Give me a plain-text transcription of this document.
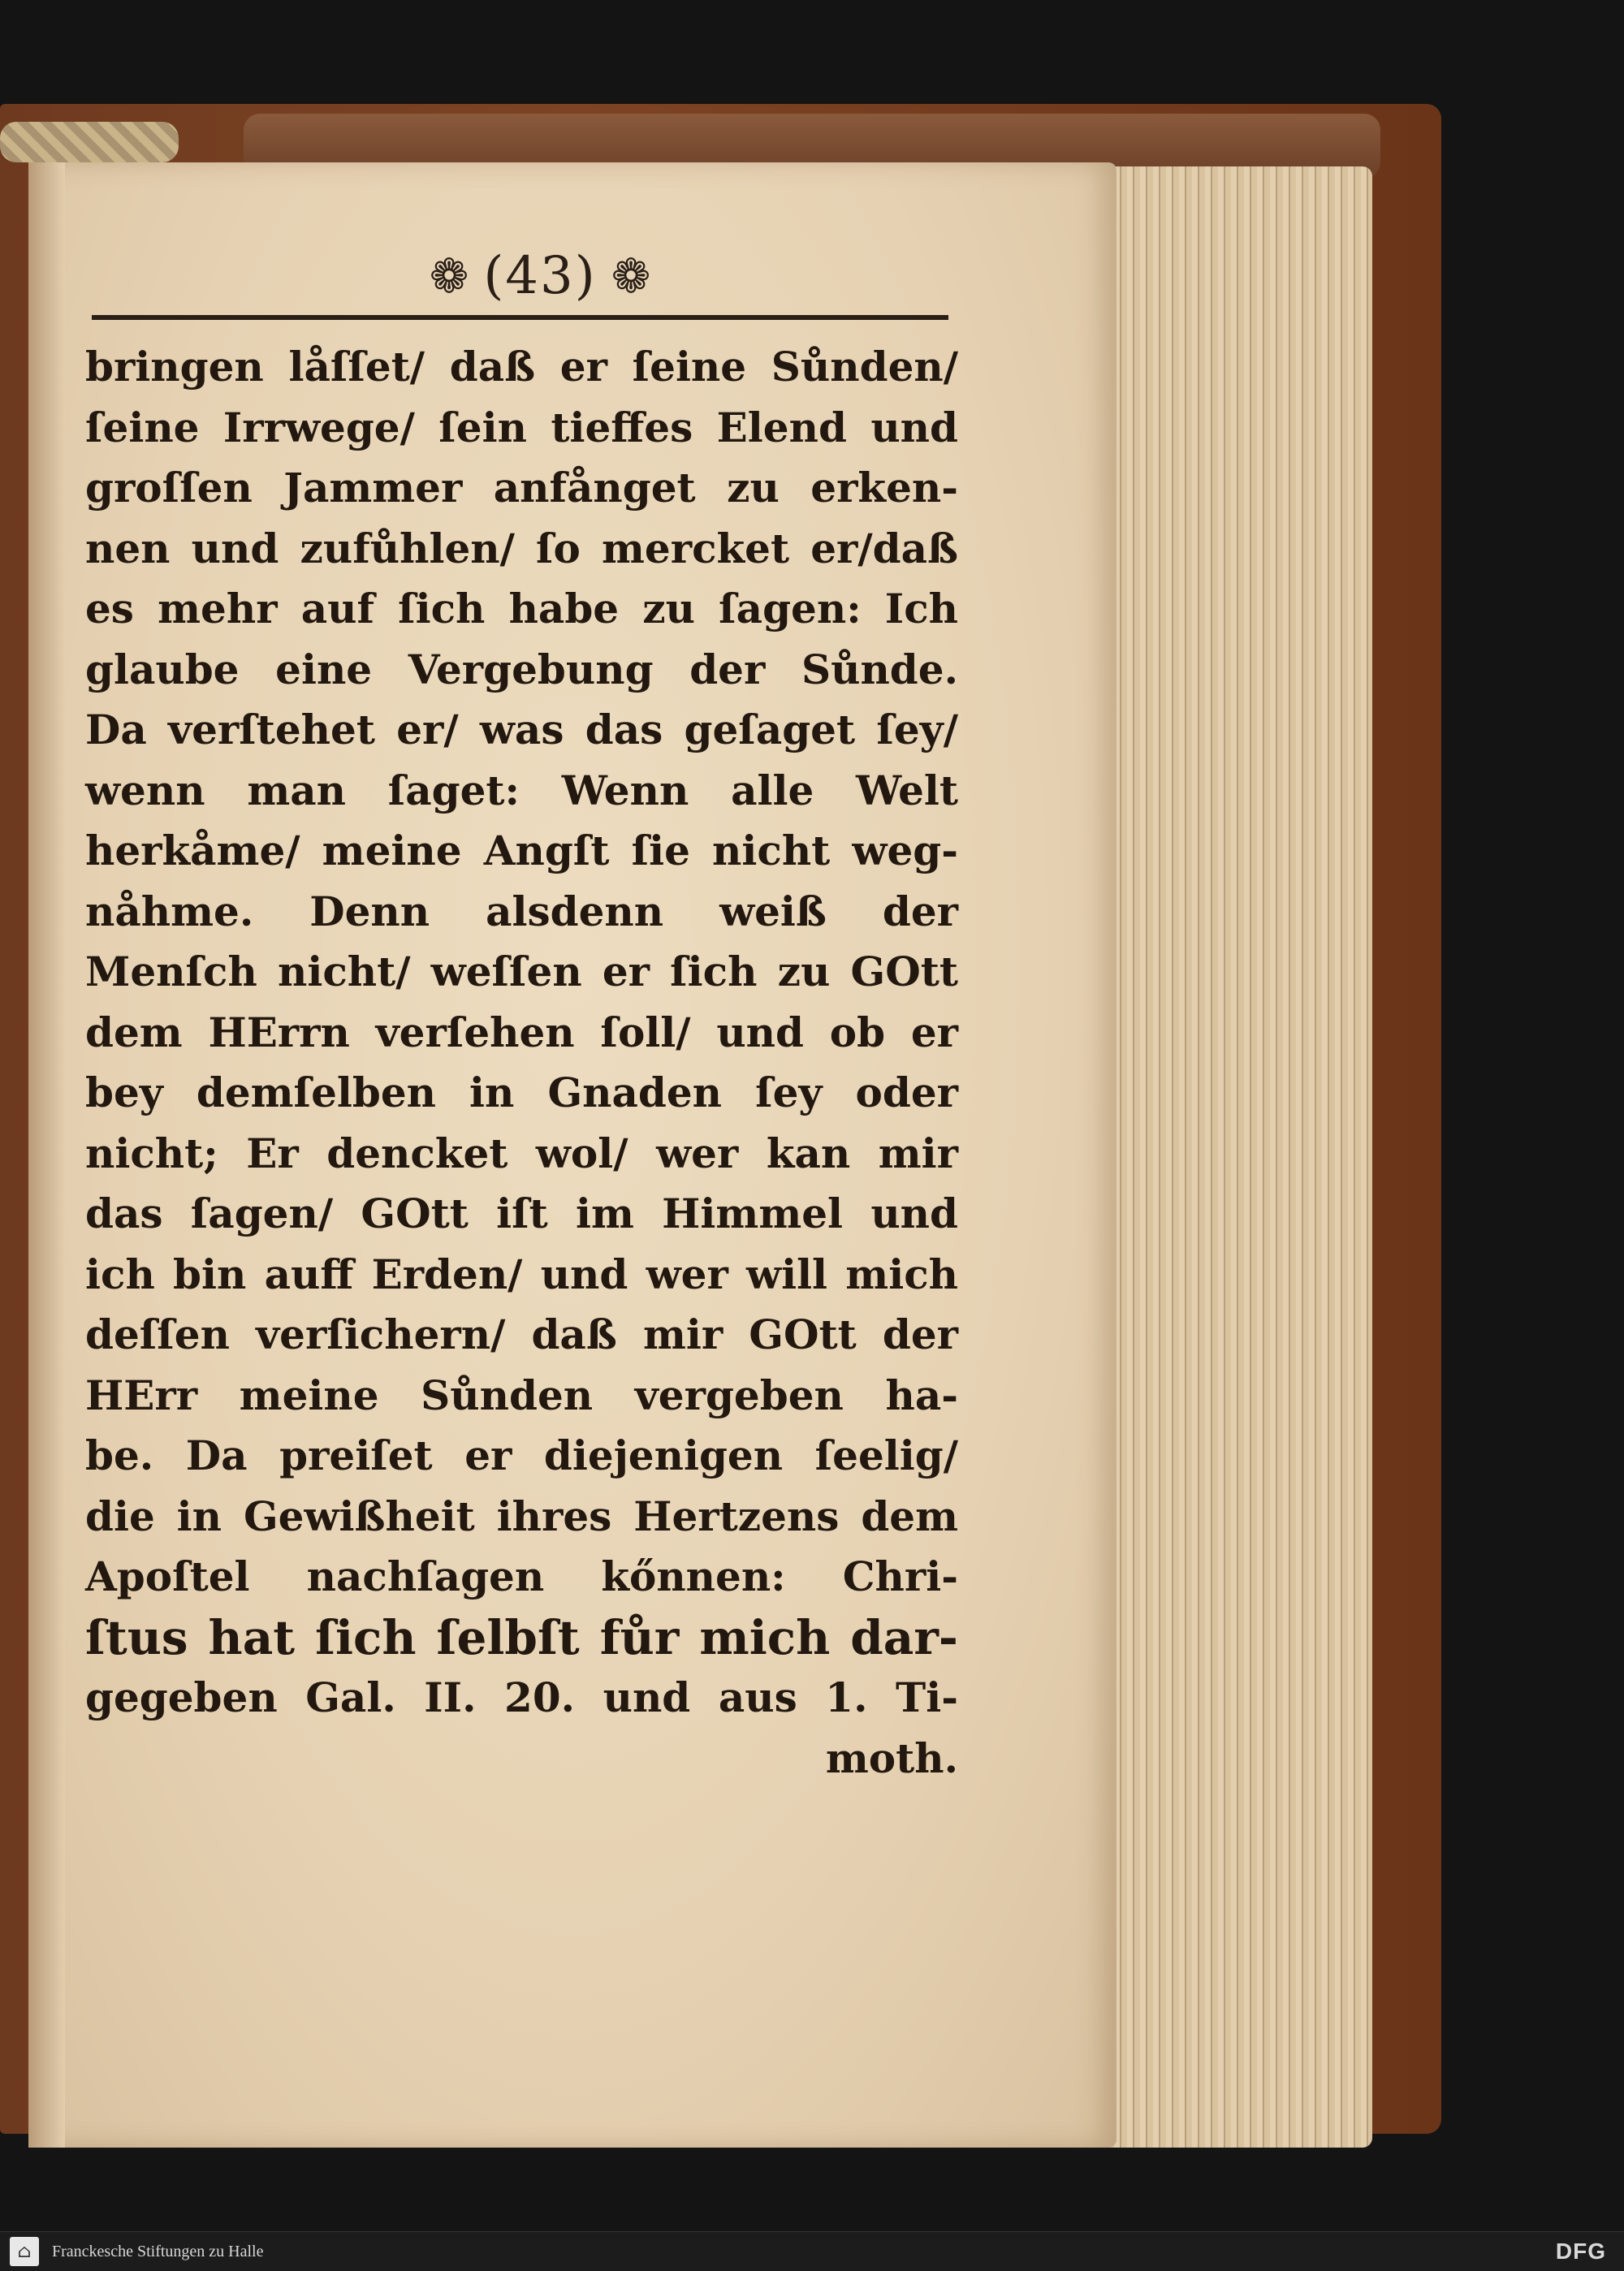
❁ (43) ❁
bringen låſſet/ daß er ſeine Sůnden/
ſeine Irrwege/ ſein tieffes Elend und
groſſen Jammer anfånget zu erken-
nen und zufůhlen/ ſo mercket er/daß
es mehr auf ſich habe zu ſagen: Ich
glaube eine Vergebung der Sůnde.
Da verſtehet er/ was das geſaget ſey/
wenn man ſaget: Wenn alle Welt
herkåme/ meine Angſt ſie nicht weg-
nåhme. Denn alsdenn weiß der
Menſch nicht/ weſſen er ſich zu GOtt
dem HErrn verſehen ſoll/ und ob er
bey demſelben in Gnaden ſey oder
nicht; Er dencket wol/ wer kan mir
das ſagen/ GOtt iſt im Himmel und
ich bin auff Erden/ und wer will mich
deſſen verſichern/ daß mir GOtt der
HErr meine Sůnden vergeben ha-
be. Da preiſet er diejenigen ſeelig/
die in Gewißheit ihres Hertzens dem
Apoſtel nachſagen kőnnen: Chri-
ſtus hat ſich ſelbſt fůr mich dar-
gegeben Gal. II. 20. und aus 1. Ti-
moth.
⌂	Franckesche Stiftungen zu Halle	DFG
